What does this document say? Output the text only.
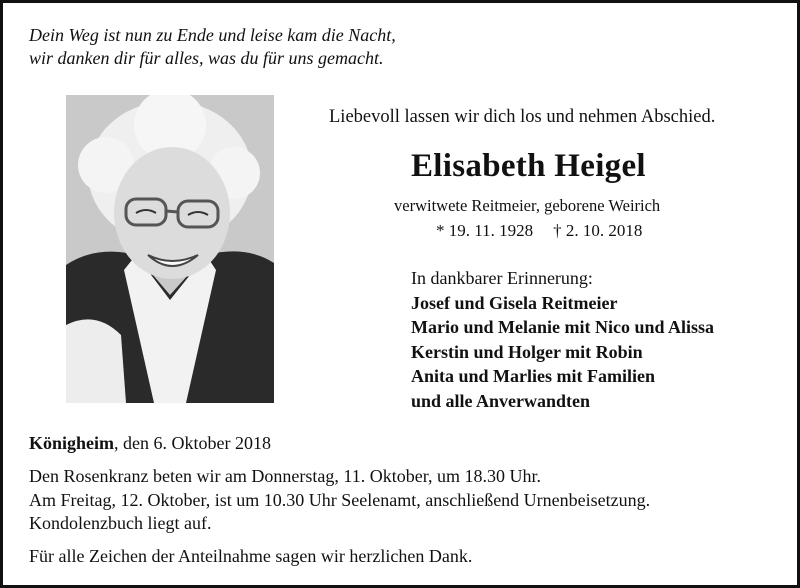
Dein Weg ist nun zu Ende und leise kam die Nacht,
wir danken dir für alles, was du für uns gemacht.
Liebevoll lassen wir dich los und nehmen Abschied.
Elisabeth Heigel
verwitwete Reitmeier, geborene Weirich
* 19. 11. 1928 † 2. 10. 2018
In dankbarer Erinnerung:
Josef und Gisela Reitmeier
Mario und Melanie mit Nico und Alissa
Kerstin und Holger mit Robin
Anita und Marlies mit Familien
und alle Anverwandten
Königheim, den 6. Oktober 2018
Den Rosenkranz beten wir am Donnerstag, 11. Oktober, um 18.30 Uhr.
Am Freitag, 12. Oktober, ist um 10.30 Uhr Seelenamt, anschließend Urnenbeisetzung.
Kondolenzbuch liegt auf.
Für alle Zeichen der Anteilnahme sagen wir herzlichen Dank.
